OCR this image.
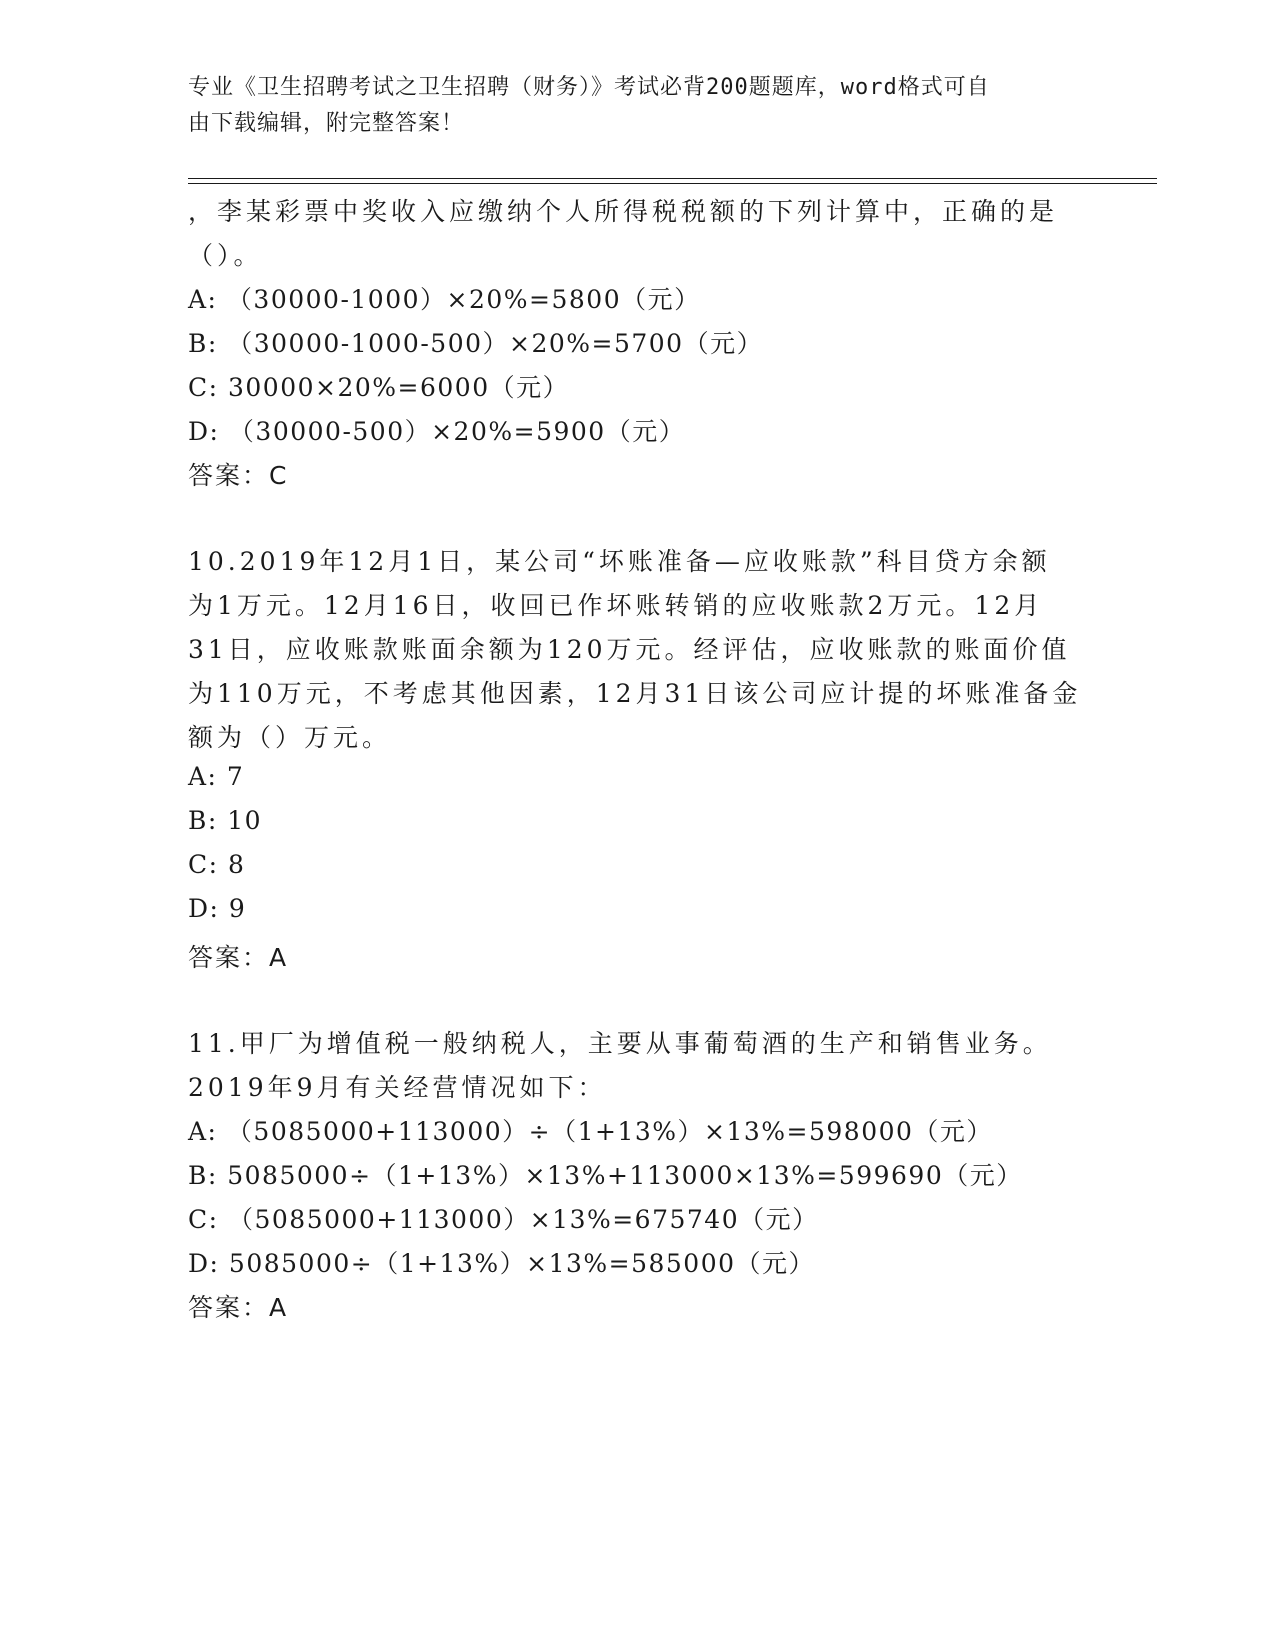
专业《卫生招聘考试之卫生招聘（财务）》考试必背200题题库，word格式可自
由下载编辑，附完整答案！
，李某彩票中奖收入应缴纳个人所得税税额的下列计算中，正确的是
（）。
A: （30000-1000）×20%=5800（元）
B: （30000-1000-500）×20%=5700（元）
C: 30000×20%=6000（元）
D: （30000-500）×20%=5900（元）
答案：C
10.2019年12月1日，某公司“坏账准备—应收账款”科目贷方余额
为1万元。12月16日，收回已作坏账转销的应收账款2万元。12月
31日，应收账款账面余额为120万元。经评估，应收账款的账面价值
为110万元，不考虑其他因素，12月31日该公司应计提的坏账准备金
额为（）万元。
A: 7
B: 10
C: 8
D: 9
答案：A
11.甲厂为增值税一般纳税人，主要从事葡萄酒的生产和销售业务。
2019年9月有关经营情况如下：
A: （5085000+113000）÷（1+13%）×13%=598000（元）
B: 5085000÷（1+13%）×13%+113000×13%=599690（元）
C: （5085000+113000）×13%=675740（元）
D: 5085000÷（1+13%）×13%=585000（元）
答案：A
